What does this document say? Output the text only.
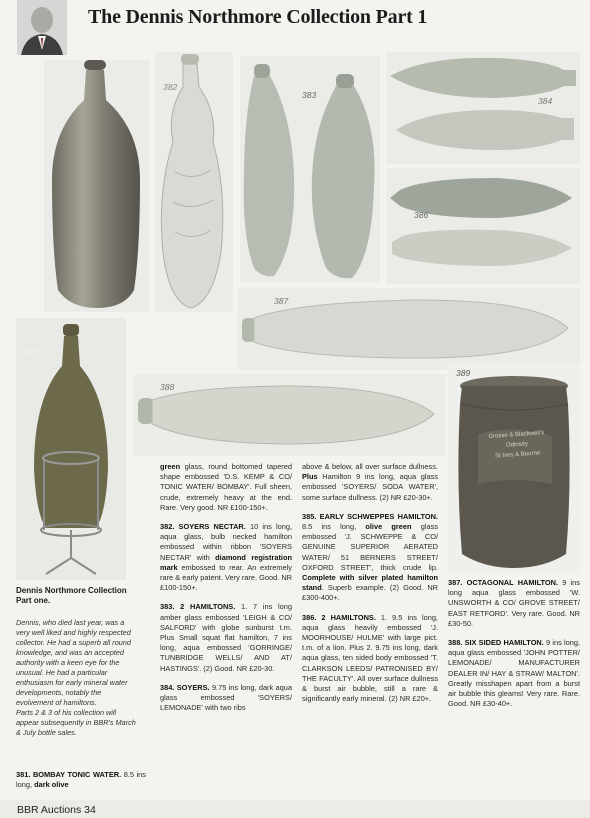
The Dennis Northmore Collection Part 1
381
382
383
384
386
387
385
388
389
Grosse & Blackwell's
Odinsey
St Ives & Bourne
Dennis Northmore Collection Part one.
Dennis, who died last year, was a very well liked and highly respected collector. He had a superb all round knowledge, and was an accepted authority with a keen eye for the unusual. He had a particular enthusiasm for early mineral water developments, notably the evolvement of hamiltons.
Parts 2 & 3 of his collection will appear subsequently in BBR's March & July bottle sales.
381. BOMBAY TONIC WATER. 8.5 ins long, dark olive

green glass, round bottomed tapered shape embossed 'D.S. KEMP & CO/ TONIC WATER/ BOMBAY'. Full sheen, crude, extremely heavy at the end. Rare. Very good. NR £100-150+.

382. SOYERS NECTAR. 10 ins long, aqua glass, bulb necked hamilton embossed within ribbon 'SOYERS NECTAR' with diamond registration mark embossed to rear. An extremely rare & early patent. Very rare. Good. NR £100-150+.

383. 2 HAMILTONS. 1. 7 ins long amber glass embossed 'LEIGH & CO/ SALFORD' with globe sunburst t.m. Plus Small squat flat hamilton, 7 ins long, aqua embossed 'GORRINGE/ TUNBRIDGE WELLS/ AND AT/ HASTINGS'. (2) Good. NR £20-30.

384. SOYERS. 9.75 ins long, dark aqua glass embossed 'SOYERS/ LEMONADE' with two ribs

above & below, all over surface dullness. Plus Hamilton 9 ins long, aqua glass embossed 'SOYERS/ SODA WATER', some surface dullness. (2) NR £20-30+.

385. EARLY SCHWEPPES HAMILTON. 8.5 ins long, olive green glass embossed 'J. SCHWEPPE & CO/ GENUINE SUPERIOR AERATED WATER/ 51 BERNERS STREET/ OXFORD STREET', thick crude lip. Complete with silver plated hamilton stand. Superb example. (2) Good. NR £300-400+.

386. 2 HAMILTONS. 1. 9.5 ins long, aqua glass heavily embossed 'J. MOORHOUSE/ HULME' with large pict. t.m. of a lion. Plus 2. 9.75 ins long, dark aqua glass, ten sided body embossed 'T. CLARKSON LEEDS/ PATRONISED BY/ THE FACULTY'. All over surface dullness & burst air bubble, still a rare & significantly early mineral. (2) NR £20+.

387. OCTAGONAL HAMILTON. 9 ins long aqua glass embossed 'W. UNSWORTH & CO/ GROVE STREET/ EAST RETFORD'. Very rare. Good. NR £30-50.

388. SIX SIDED HAMILTON. 9 ins long, aqua glass embossed 'JOHN POTTER/ LEMONADE/ MANUFACTURER DEALER IN/ HAY & STRAW/ MALTON'. Greatly misshapen apart from a burst air bubble this gleams! Very rare. Rare. Good. NR £30-40+.

BBR Auctions 34
